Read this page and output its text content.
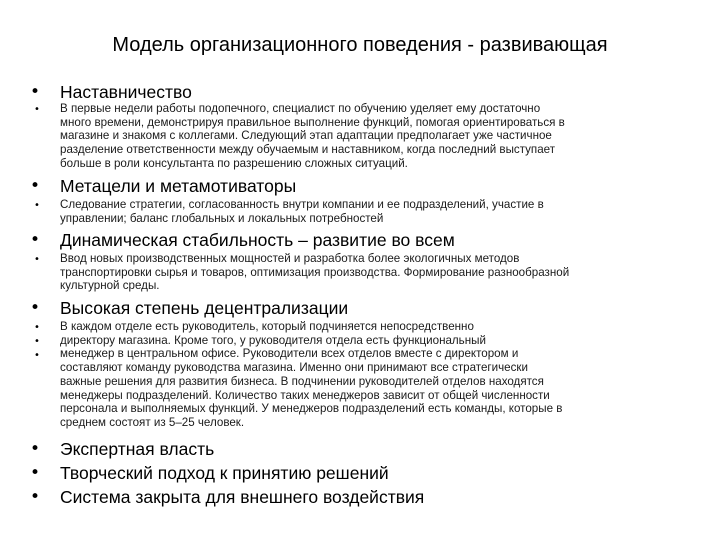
Модель организационного поведения - развивающая
• Наставничество
• В первые недели работы подопечного, специалист по обучению уделяет ему достаточно
много времени, демонстрируя правильное выполнение функций, помогая ориентироваться в
магазине и знакомя с коллегами. Следующий этап адаптации предполагает уже частичное
разделение ответственности между обучаемым и наставником, когда последний выступает
больше в роли консультанта по разрешению сложных ситуаций.
• Метацели и метамотиваторы
• Следование стратегии, согласованность внутри компании и ее подразделений, участие в
управлении; баланс глобальных и локальных потребностей
• Динамическая стабильность – развитие во всем
• Ввод новых производственных мощностей и разработка более экологичных методов
транспортировки сырья и товаров, оптимизация производства. Формирование разнообразной
культурной среды.
• Высокая степень децентрализации
•
•
•
В каждом отделе есть руководитель, который подчиняется непосредственно
директору магазина. Кроме того, у руководителя отдела есть функциональный
менеджер в центральном офисе. Руководители всех отделов вместе с директором и
составляют команду руководства магазина. Именно они принимают все стратегически
важные решения для развития бизнеса. В подчинении руководителей отделов находятся
менеджеры подразделений. Количество таких менеджеров зависит от общей численности
персонала и выполняемых функций. У менеджеров подразделений есть команды, которые в
среднем состоят из 5–25 человек.
• Экспертная власть
• Творческий подход к принятию решений
• Система закрыта для внешнего воздействия
